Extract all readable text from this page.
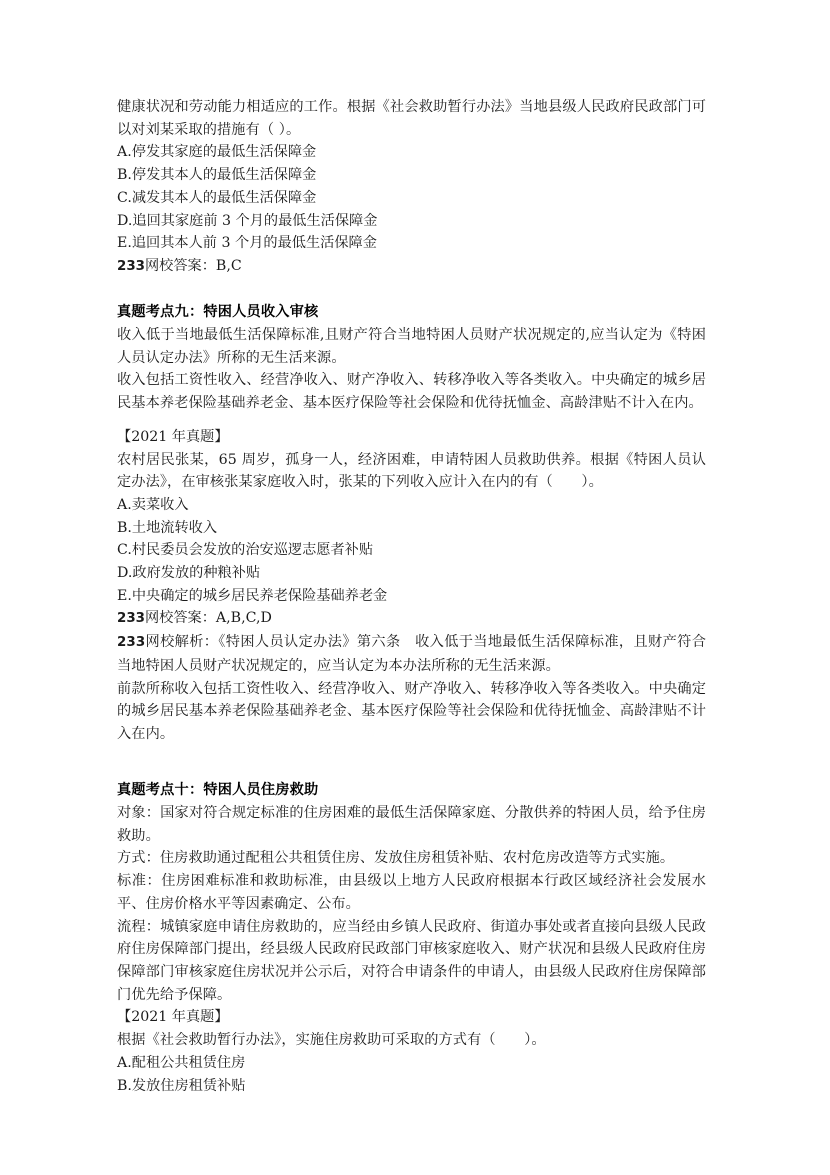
健康状况和劳动能力相适应的工作。根据《社会救助暂行办法》当地县级人民政府民政部门可以对刘某采取的措施有（ ）。
A.停发其家庭的最低生活保障金
B.停发其本人的最低生活保障金
C.减发其本人的最低生活保障金
D.追回其家庭前 3 个月的最低生活保障金
E.追回其本人前 3 个月的最低生活保障金
233网校答案：B,C
真题考点九：特困人员收入审核
收入低于当地最低生活保障标准,且财产符合当地特困人员财产状况规定的,应当认定为《特困人员认定办法》所称的无生活来源。
收入包括工资性收入、经营净收入、财产净收入、转移净收入等各类收入。中央确定的城乡居民基本养老保险基础养老金、基本医疗保险等社会保险和优待抚恤金、高龄津贴不计入在内。
【2021 年真题】
农村居民张某，65 周岁，孤身一人，经济困难，申请特困人员救助供养。根据《特困人员认定办法》，在审核张某家庭收入时，张某的下列收入应计入在内的有（　　）。
A.卖菜收入
B.土地流转收入
C.村民委员会发放的治安巡逻志愿者补贴
D.政府发放的种粮补贴
E.中央确定的城乡居民养老保险基础养老金
233网校答案：A,B,C,D
233网校解析：《特困人员认定办法》第六条　收入低于当地最低生活保障标准，且财产符合当地特困人员财产状况规定的，应当认定为本办法所称的无生活来源。
前款所称收入包括工资性收入、经营净收入、财产净收入、转移净收入等各类收入。中央确定的城乡居民基本养老保险基础养老金、基本医疗保险等社会保险和优待抚恤金、高龄津贴不计入在内。
真题考点十：特困人员住房救助
对象：国家对符合规定标准的住房困难的最低生活保障家庭、分散供养的特困人员，给予住房救助。
方式：住房救助通过配租公共租赁住房、发放住房租赁补贴、农村危房改造等方式实施。
标准：住房困难标准和救助标准，由县级以上地方人民政府根据本行政区域经济社会发展水平、住房价格水平等因素确定、公布。
流程：城镇家庭申请住房救助的，应当经由乡镇人民政府、街道办事处或者直接向县级人民政府住房保障部门提出，经县级人民政府民政部门审核家庭收入、财产状况和县级人民政府住房保障部门审核家庭住房状况并公示后，对符合申请条件的申请人，由县级人民政府住房保障部门优先给予保障。
【2021 年真题】
根据《社会救助暂行办法》，实施住房救助可采取的方式有（　　）。
A.配租公共租赁住房
B.发放住房租赁补贴
